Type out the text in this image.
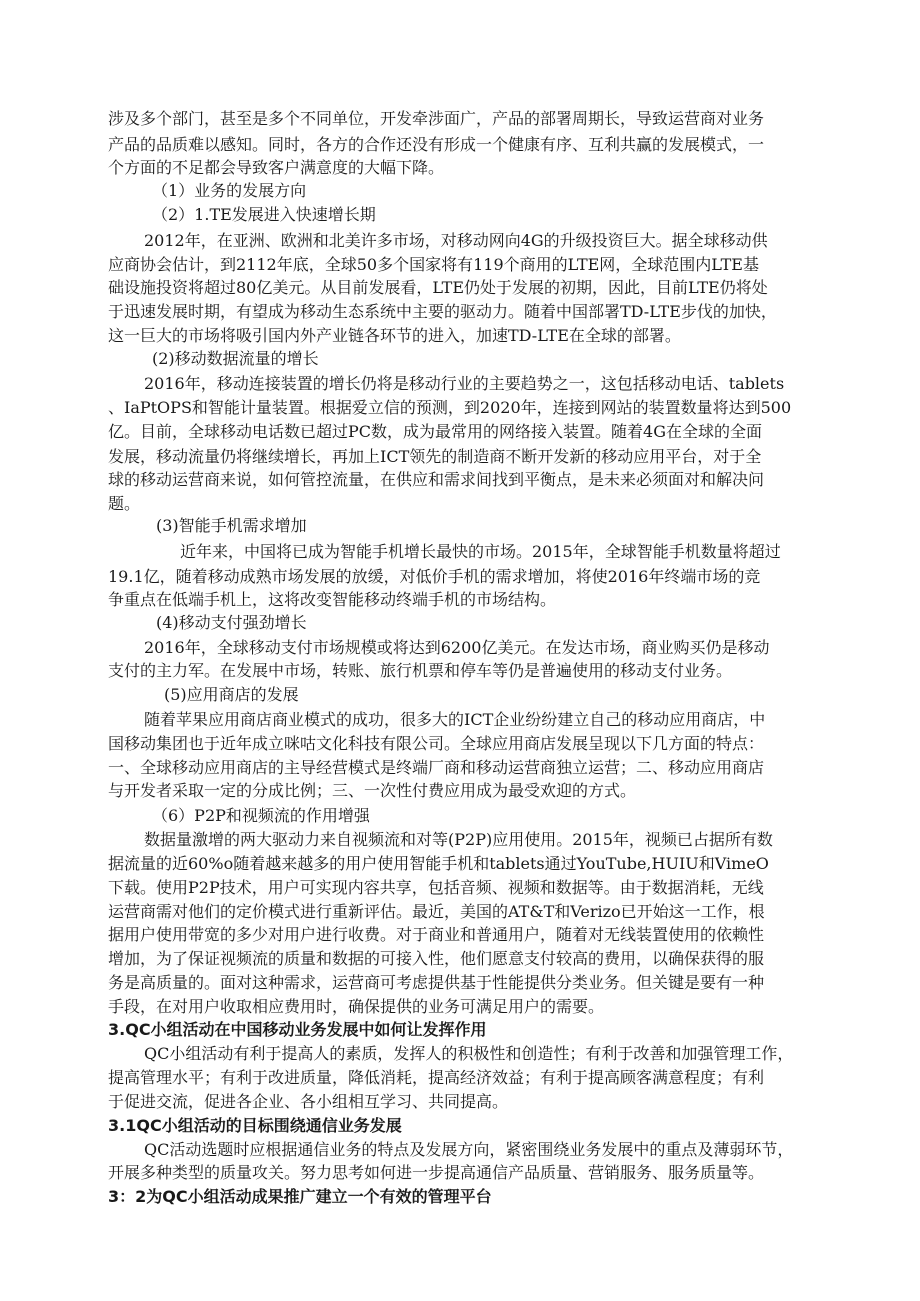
涉及多个部门，甚至是多个不同单位，开发牵涉面广，产品的部署周期长，导致运营商对业务
产品的品质难以感知。同时，各方的合作还没有形成一个健康有序、互利共赢的发展模式，一
个方面的不足都会导致客户满意度的大幅下降。
（1）业务的发展方向
（2）1.TE发展进入快速增长期
2012年，在亚洲、欧洲和北美许多市场，对移动网向4G的升级投资巨大。据全球移动供
应商协会估计，到2112年底，全球50多个国家将有119个商用的LTE网，全球范围内LTE基
础设施投资将超过80亿美元。从目前发展看，LTE仍处于发展的初期，因此，目前LTE仍将处
于迅速发展时期，有望成为移动生态系统中主要的驱动力。随着中国部署TD-LTE步伐的加快，
这一巨大的市场将吸引国内外产业链各环节的进入，加速TD-LTE在全球的部署。
(2)移动数据流量的增长
2016年，移动连接装置的增长仍将是移动行业的主要趋势之一，这包括移动电话、tablets
、IaPtOPS和智能计量装置。根据爱立信的预测，到2020年，连接到网站的装置数量将达到500
亿。目前，全球移动电话数已超过PC数，成为最常用的网络接入装置。随着4G在全球的全面
发展，移动流量仍将继续增长，再加上ICT领先的制造商不断开发新的移动应用平台，对于全
球的移动运营商来说，如何管控流量，在供应和需求间找到平衡点，是未来必须面对和解决问
题。
(3)智能手机需求增加
近年来，中国将已成为智能手机增长最快的市场。2015年，全球智能手机数量将超过
19.1亿，随着移动成熟市场发展的放缓，对低价手机的需求增加，将使2016年终端市场的竞
争重点在低端手机上，这将改变智能移动终端手机的市场结构。
(4)移动支付强劲增长
2016年，全球移动支付市场规模或将达到6200亿美元。在发达市场，商业购买仍是移动
支付的主力军。在发展中市场，转账、旅行机票和停车等仍是普遍使用的移动支付业务。
(5)应用商店的发展
随着苹果应用商店商业模式的成功，很多大的ICT企业纷纷建立自己的移动应用商店，中
国移动集团也于近年成立咪咕文化科技有限公司。全球应用商店发展呈现以下几方面的特点：
一、全球移动应用商店的主导经营模式是终端厂商和移动运营商独立运营；二、移动应用商店
与开发者采取一定的分成比例；三、一次性付费应用成为最受欢迎的方式。
（6）P2P和视频流的作用增强
数据量激增的两大驱动力来自视频流和对等(P2P)应用使用。2015年，视频已占据所有数
据流量的近60%o随着越来越多的用户使用智能手机和tablets通过YouTube,HUIU和VimeO
下载。使用P2P技术，用户可实现内容共享，包括音频、视频和数据等。由于数据消耗，无线
运营商需对他们的定价模式进行重新评估。最近，美国的AT&T和Verizo已开始这一工作，根
据用户使用带宽的多少对用户进行收费。对于商业和普通用户，随着对无线装置使用的依赖性
增加，为了保证视频流的质量和数据的可接入性，他们愿意支付较高的费用，以确保获得的服
务是高质量的。面对这种需求，运营商可考虑提供基于性能提供分类业务。但关键是要有一种
手段，在对用户收取相应费用时，确保提供的业务可满足用户的需要。
3.QC小组活动在中国移动业务发展中如何让发挥作用
QC小组活动有利于提高人的素质，发挥人的积极性和创造性；有利于改善和加强管理工作，
提高管理水平；有利于改进质量，降低消耗，提高经济效益；有利于提高顾客满意程度；有利
于促进交流，促进各企业、各小组相互学习、共同提高。
3.1QC小组活动的目标围绕通信业务发展
QC活动选题时应根据通信业务的特点及发展方向，紧密围绕业务发展中的重点及薄弱环节，
开展多种类型的质量攻关。努力思考如何进一步提高通信产品质量、营销服务、服务质量等。
3：2为QC小组活动成果推广建立一个有效的管理平台
